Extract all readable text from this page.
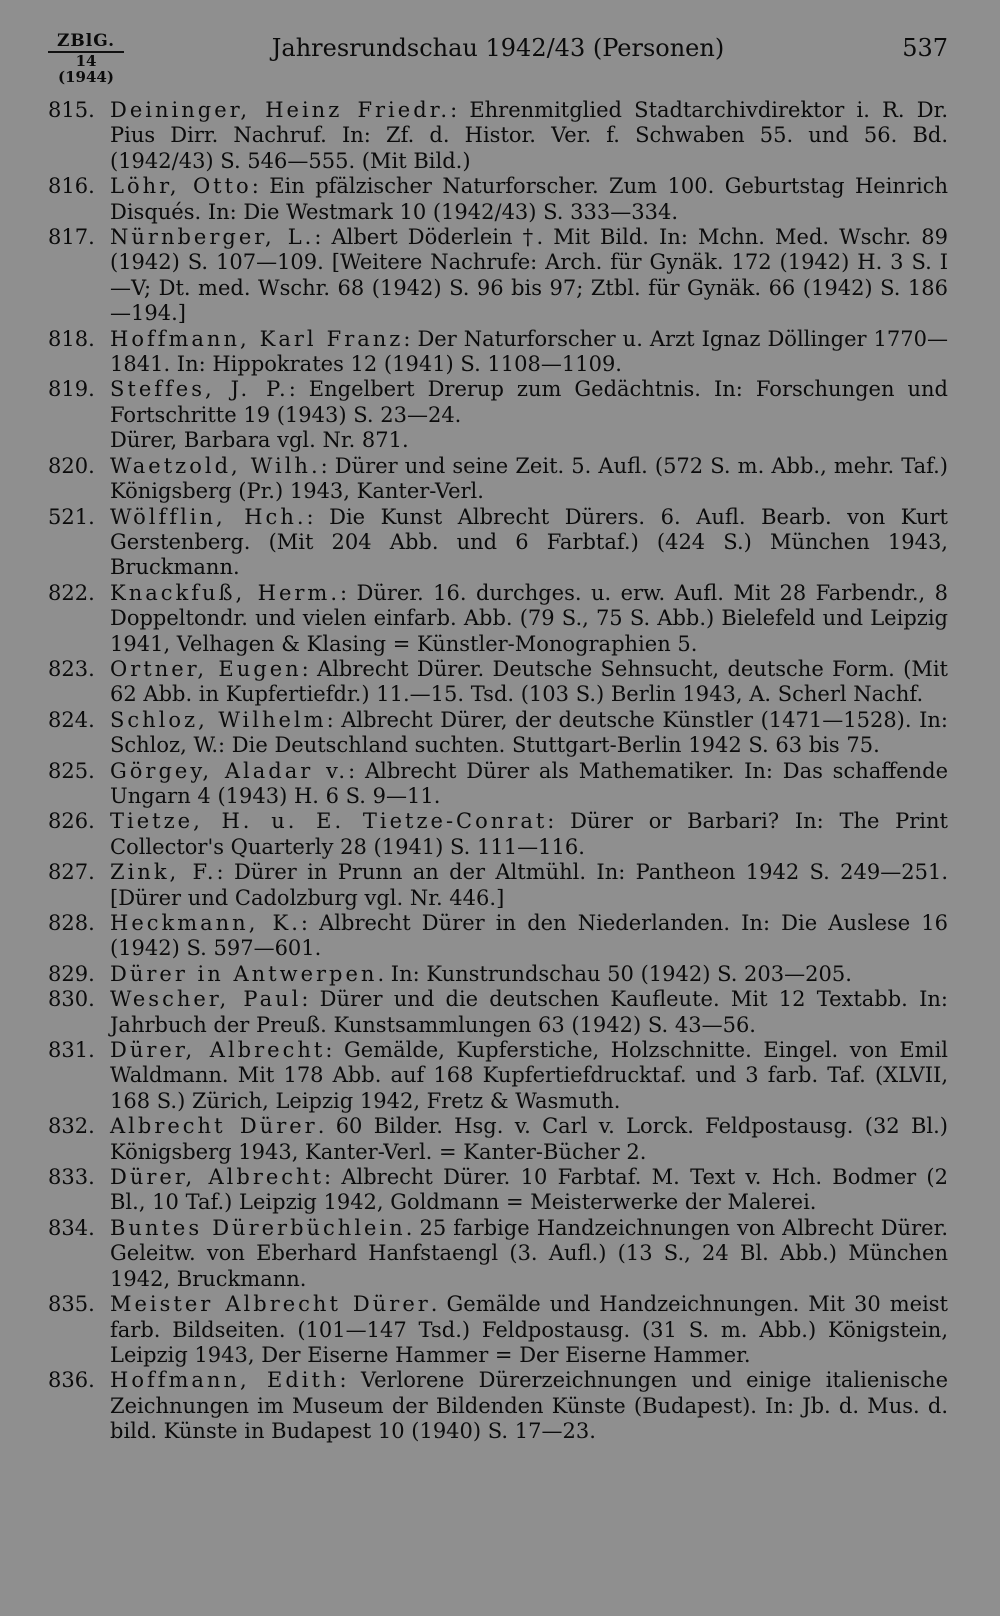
ZBlG.
14 (1944)
Jahresrundschau 1942/43 (Personen)	537
815. Deininger, Heinz Friedr.: Ehrenmitglied Stadtarchivdirektor i. R. Dr. Pius Dirr. Nachruf. In: Zf. d. Histor. Ver. f. Schwaben 55. und 56. Bd. (1942/43) S. 546—555. (Mit Bild.)
816. Löhr, Otto: Ein pfälzischer Naturforscher. Zum 100. Geburtstag Heinrich Disqués. In: Die Westmark 10 (1942/43) S. 333—334.
817. Nürnberger, L.: Albert Döderlein †. Mit Bild. In: Mchn. Med. Wschr. 89 (1942) S. 107—109. [Weitere Nachrufe: Arch. für Gynäk. 172 (1942) H. 3 S. I—V; Dt. med. Wschr. 68 (1942) S. 96 bis 97; Ztbl. für Gynäk. 66 (1942) S. 186—194.]
818. Hoffmann, Karl Franz: Der Naturforscher u. Arzt Ignaz Döllinger 1770—1841. In: Hippokrates 12 (1941) S. 1108—1109.
819. Steffes, J. P.: Engelbert Drerup zum Gedächtnis. In: Forschungen und Fortschritte 19 (1943) S. 23—24.
Dürer, Barbara vgl. Nr. 871.
820. Waetzold, Wilh.: Dürer und seine Zeit. 5. Aufl. (572 S. m. Abb., mehr. Taf.) Königsberg (Pr.) 1943, Kanter-Verl.
521. Wölfflin, Hch.: Die Kunst Albrecht Dürers. 6. Aufl. Bearb. von Kurt Gerstenberg. (Mit 204 Abb. und 6 Farbtaf.) (424 S.) München 1943, Bruckmann.
822. Knackfuß, Herm.: Dürer. 16. durchges. u. erw. Aufl. Mit 28 Farbendr., 8 Doppeltondr. und vielen einfarb. Abb. (79 S., 75 S. Abb.) Bielefeld und Leipzig 1941, Velhagen & Klasing = Künstler-Monographien 5.
823. Ortner, Eugen: Albrecht Dürer. Deutsche Sehnsucht, deutsche Form. (Mit 62 Abb. in Kupfertiefdr.) 11.—15. Tsd. (103 S.) Berlin 1943, A. Scherl Nachf.
824. Schloz, Wilhelm: Albrecht Dürer, der deutsche Künstler (1471—1528). In: Schloz, W.: Die Deutschland suchten. Stuttgart-Berlin 1942 S. 63 bis 75.
825. Görgey, Aladar v.: Albrecht Dürer als Mathematiker. In: Das schaffende Ungarn 4 (1943) H. 6 S. 9—11.
826. Tietze, H. u. E. Tietze-Conrat: Dürer or Barbari? In: The Print Collector's Quarterly 28 (1941) S. 111—116.
827. Zink, F.: Dürer in Prunn an der Altmühl. In: Pantheon 1942 S. 249—251. [Dürer und Cadolzburg vgl. Nr. 446.]
828. Heckmann, K.: Albrecht Dürer in den Niederlanden. In: Die Auslese 16 (1942) S. 597—601.
829. Dürer in Antwerpen. In: Kunstrundschau 50 (1942) S. 203—205.
830. Wescher, Paul: Dürer und die deutschen Kaufleute. Mit 12 Textabb. In: Jahrbuch der Preuß. Kunstsammlungen 63 (1942) S. 43—56.
831. Dürer, Albrecht: Gemälde, Kupferstiche, Holzschnitte. Eingel. von Emil Waldmann. Mit 178 Abb. auf 168 Kupfertiefdrucktaf. und 3 farb. Taf. (XLVII, 168 S.) Zürich, Leipzig 1942, Fretz & Wasmuth.
832. Albrecht Dürer. 60 Bilder. Hsg. v. Carl v. Lorck. Feldpostausg. (32 Bl.) Königsberg 1943, Kanter-Verl. = Kanter-Bücher 2.
833. Dürer, Albrecht: Albrecht Dürer. 10 Farbtaf. M. Text v. Hch. Bodmer (2 Bl., 10 Taf.) Leipzig 1942, Goldmann = Meisterwerke der Malerei.
834. Buntes Dürerbüchlein. 25 farbige Handzeichnungen von Albrecht Dürer. Geleitw. von Eberhard Hanfstaengl (3. Aufl.) (13 S., 24 Bl. Abb.) München 1942, Bruckmann.
835. Meister Albrecht Dürer. Gemälde und Handzeichnungen. Mit 30 meist farb. Bildseiten. (101—147 Tsd.) Feldpostausg. (31 S. m. Abb.) Königstein, Leipzig 1943, Der Eiserne Hammer = Der Eiserne Hammer.
836. Hoffmann, Edith: Verlorene Dürerzeichnungen und einige italienische Zeichnungen im Museum der Bildenden Künste (Budapest). In: Jb. d. Mus. d. bild. Künste in Budapest 10 (1940) S. 17—23.
